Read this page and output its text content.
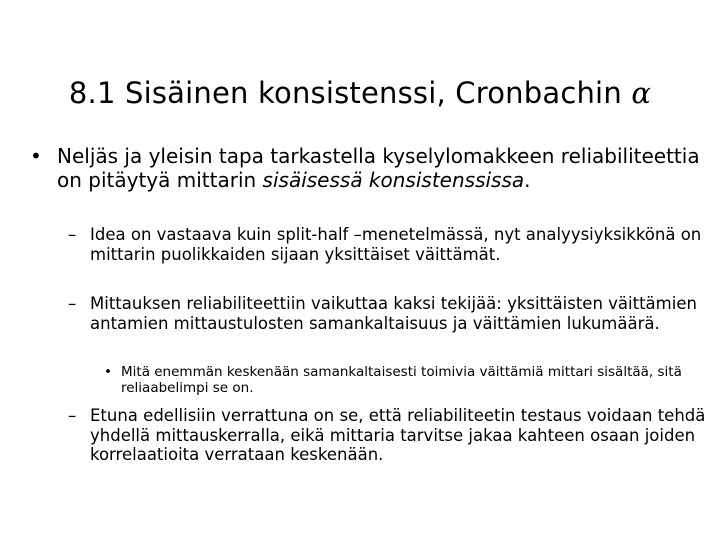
8.1 Sisäinen konsistenssi, Cronbachin α
• Neljäs ja yleisin tapa tarkastella kyselylomakkeen reliabiliteettia on pitäytyä mittarin sisäisessä konsistenssissa.
– Idea on vastaava kuin split-half –menetelmässä, nyt analyysiyksikkönä on mittarin puolikkaiden sijaan yksittäiset väittämät.
– Mittauksen reliabiliteettiin vaikuttaa kaksi tekijää: yksittäisten väittämien antamien mittaustulosten samankaltaisuus ja väittämien lukumäärä.
• Mitä enemmän keskenään samankaltaisesti toimivia väittämiä mittari sisältää, sitä reliaabelimpi se on.
– Etuna edellisiin verrattuna on se, että reliabiliteetin testaus voidaan tehdä yhdellä mittauskerralla, eikä mittaria tarvitse jakaa kahteen osaan joiden korrelaatioita verrataan keskenään.
